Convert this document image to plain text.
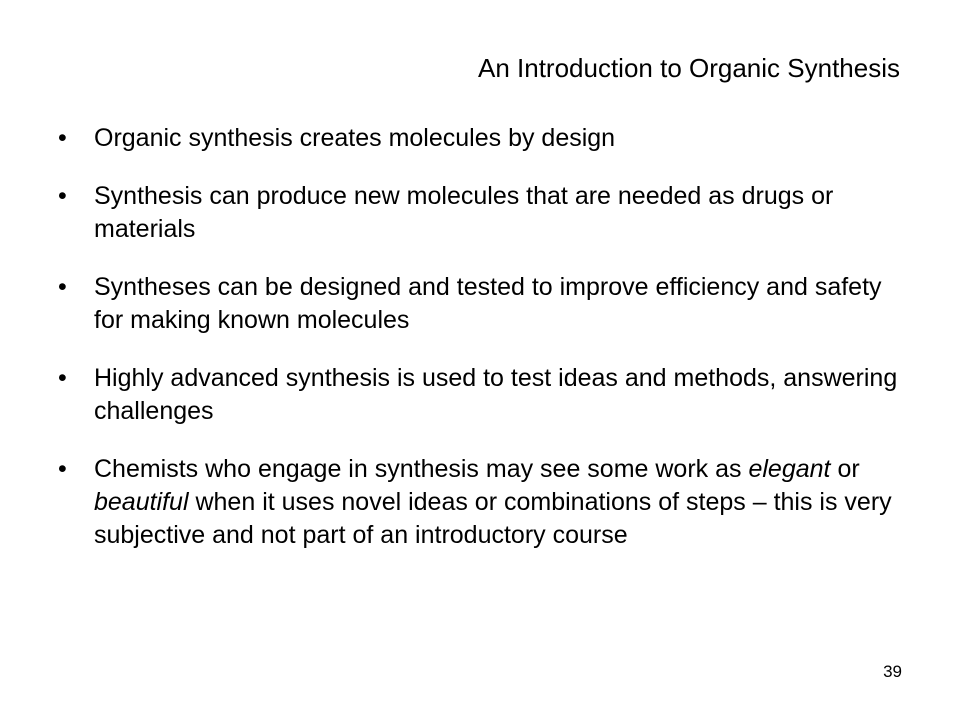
An Introduction to Organic Synthesis
•	Organic synthesis creates molecules by design
•	Synthesis can produce new molecules that are needed as drugs or materials
•	Syntheses can be designed and tested to improve efficiency and safety for making known molecules
•	Highly advanced synthesis is used to test ideas and methods, answering challenges
•	Chemists who engage in synthesis may see some work as elegant or beautiful when it uses novel ideas or combinations of steps – this is very subjective and not part of an introductory course
39
